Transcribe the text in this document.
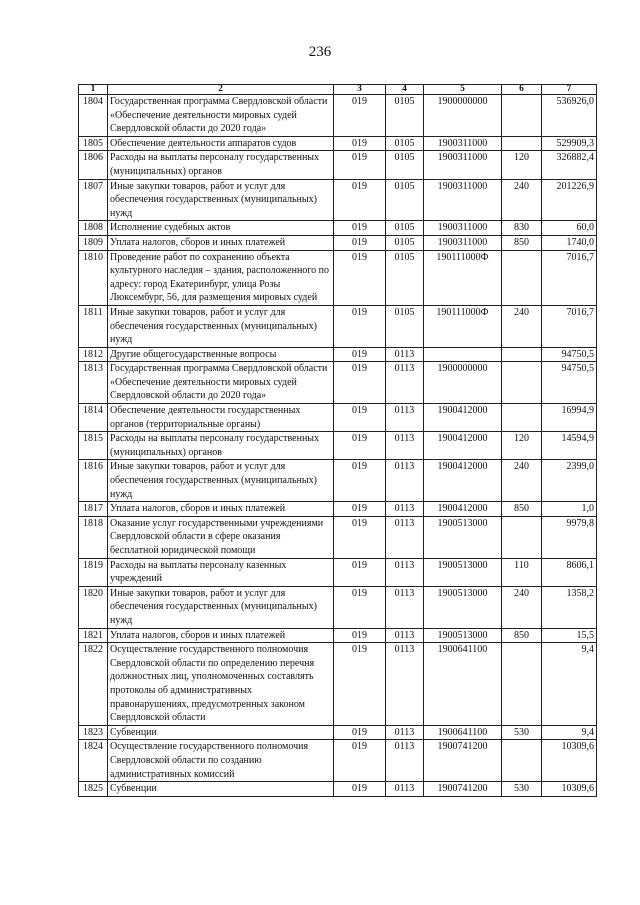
236
1	2	3	4	5	6	7
1804	Государственная программа Свердловской области «Обеспечение деятельности мировых судей Свердловской области до 2020 года»	019	0105	1900000000		536926,0
1805	Обеспечение деятельности аппаратов судов	019	0105	1900311000		529909,3
1806	Расходы на выплаты персоналу государственных (муниципальных) органов	019	0105	1900311000	120	326882,4
1807	Иные закупки товаров, работ и услуг для обеспечения государственных (муниципальных) нужд	019	0105	1900311000	240	201226,9
1808	Исполнение судебных актов	019	0105	1900311000	830	60,0
1809	Уплата налогов, сборов и иных платежей	019	0105	1900311000	850	1740,0
1810	Проведение работ по сохранению объекта культурного наследия – здания, расположенного по адресу: город Екатеринбург, улица Розы Люксембург, 56, для размещения мировых судей	019	0105	190111000Ф		7016,7
1811	Иные закупки товаров, работ и услуг для обеспечения государственных (муниципальных) нужд	019	0105	190111000Ф	240	7016,7
1812	Другие общегосударственные вопросы	019	0113			94750,5
1813	Государственная программа Свердловской области «Обеспечение деятельности мировых судей Свердловской области до 2020 года»	019	0113	1900000000		94750,5
1814	Обеспечение деятельности государственных органов (территориальные органы)	019	0113	1900412000		16994,9
1815	Расходы на выплаты персоналу государственных (муниципальных) органов	019	0113	1900412000	120	14594,9
1816	Иные закупки товаров, работ и услуг для обеспечения государственных (муниципальных) нужд	019	0113	1900412000	240	2399,0
1817	Уплата налогов, сборов и иных платежей	019	0113	1900412000	850	1,0
1818	Оказание услуг государственными учреждениями Свердловской области в сфере оказания бесплатной юридической помощи	019	0113	1900513000		9979,8
1819	Расходы на выплаты персоналу казенных учреждений	019	0113	1900513000	110	8606,1
1820	Иные закупки товаров, работ и услуг для обеспечения государственных (муниципальных) нужд	019	0113	1900513000	240	1358,2
1821	Уплата налогов, сборов и иных платежей	019	0113	1900513000	850	15,5
1822	Осуществление государственного полномочия Свердловской области по определению перечня должностных лиц, уполномоченных составлять протоколы об административных правонарушениях, предусмотренных законом Свердловской области	019	0113	1900641100		9,4
1823	Субвенции	019	0113	1900641100	530	9,4
1824	Осуществление государственного полномочия Свердловской области по созданию административных комиссий	019	0113	1900741200		10309,6
1825	Субвенции	019	0113	1900741200	530	10309,6
